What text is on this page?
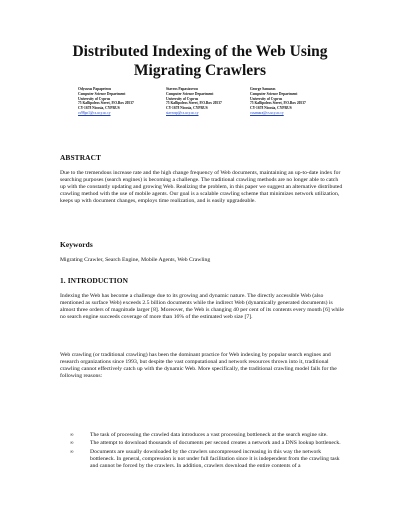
Distributed Indexing of the Web Using Migrating Crawlers
Odysseas Papapetrou
Computer Science Department
University of Cyprus
75 Kallipoleos Street, P.O.Box 20537
CY-1678 Nicosia, CYPRUS
cs98po1@cs.ucy.ac.cy
Stavros Papastavrou
Computer Science Department
University of Cyprus
75 Kallipoleos Street, P.O.Box 20537
CY-1678 Nicosia, CYPRUS
stavrosp@cs.ucy.ac.cy
George Samaras
Computer Science Department
University of Cyprus
75 Kallipoleos Street, P.O.Box 20537
CY-1678 Nicosia, CYPRUS
cssamara@cs.ucy.ac.cy
ABSTRACT
Due to the tremendous increase rate and the high change frequency of Web documents, maintaining an up-to-date index for searching purposes (search engines) is becoming a challenge. The traditional crawling methods are no longer able to catch up with the constantly updating and growing Web. Realizing the problem, in this paper we suggest an alternative distributed crawling method with the use of mobile agents. Our goal is a scalable crawling scheme that minimizes network utilization, keeps up with document changes, employs time realization, and is easily upgradeable.
Keywords
Migrating Crawler, Search Engine, Mobile Agents, Web Crawling
1. INTRODUCTION
Indexing the Web has become a challenge due to its growing and dynamic nature. The directly accessible Web (also mentioned as surface Web) exceeds 2.5 billion documents while the indirect Web (dynamically generated documents) is almost three orders of magnitude larger [8]. Moreover, the Web is changing 40 per cent of its contents every month [6] while no search engine succeeds coverage of more than 16% of the estimated web size [7].
Web crawling (or traditional crawling) has been the dominant practice for Web indexing by popular search engines and research organizations since 1993, but despite the vast computational and network resources thrown into it, traditional crawling cannot effectively catch up with the dynamic Web. More specifically, the traditional crawling model fails for the following reasons:
∞	The task of processing the crawled data introduces a vast processing bottleneck at the search engine site.
∞	The attempt to download thousands of documents per second creates a network and a DNS lookup bottleneck.
∞	Documents are usually downloaded by the crawlers uncompressed increasing in this way the network bottleneck. In general, compression is not under full facilitation since it is independent from the crawling task and cannot be forced by the crawlers. In addition, crawlers download the entire contents of a
